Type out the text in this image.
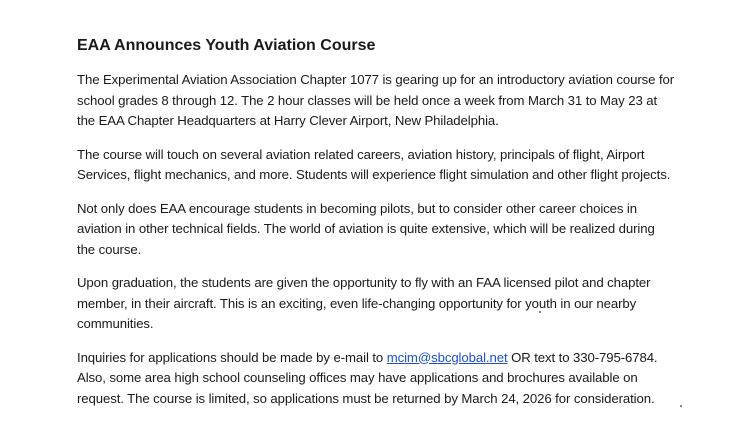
EAA Announces Youth Aviation Course
The Experimental Aviation Association Chapter 1077 is gearing up for an introductory aviation course for
school grades 8 through 12. The 2 hour classes will be held once a week from March 31 to May 23 at
the EAA Chapter Headquarters at Harry Clever Airport, New Philadelphia.
The course will touch on several aviation related careers, aviation history, principals of flight, Airport
Services, flight mechanics, and more. Students will experience flight simulation and other flight projects.
Not only does EAA encourage students in becoming pilots, but to consider other career choices in
aviation in other technical fields. The world of aviation is quite extensive, which will be realized during
the course.
Upon graduation, the students are given the opportunity to fly with an FAA licensed pilot and chapter
member, in their aircraft. This is an exciting, even life-changing opportunity for youth in our nearby
communities.
Inquiries for applications should be made by e-mail to mcim@sbcglobal.net OR text to 330-795-6784.
Also, some area high school counseling offices may have applications and brochures available on
request. The course is limited, so applications must be returned by March 24, 2026 for consideration.
